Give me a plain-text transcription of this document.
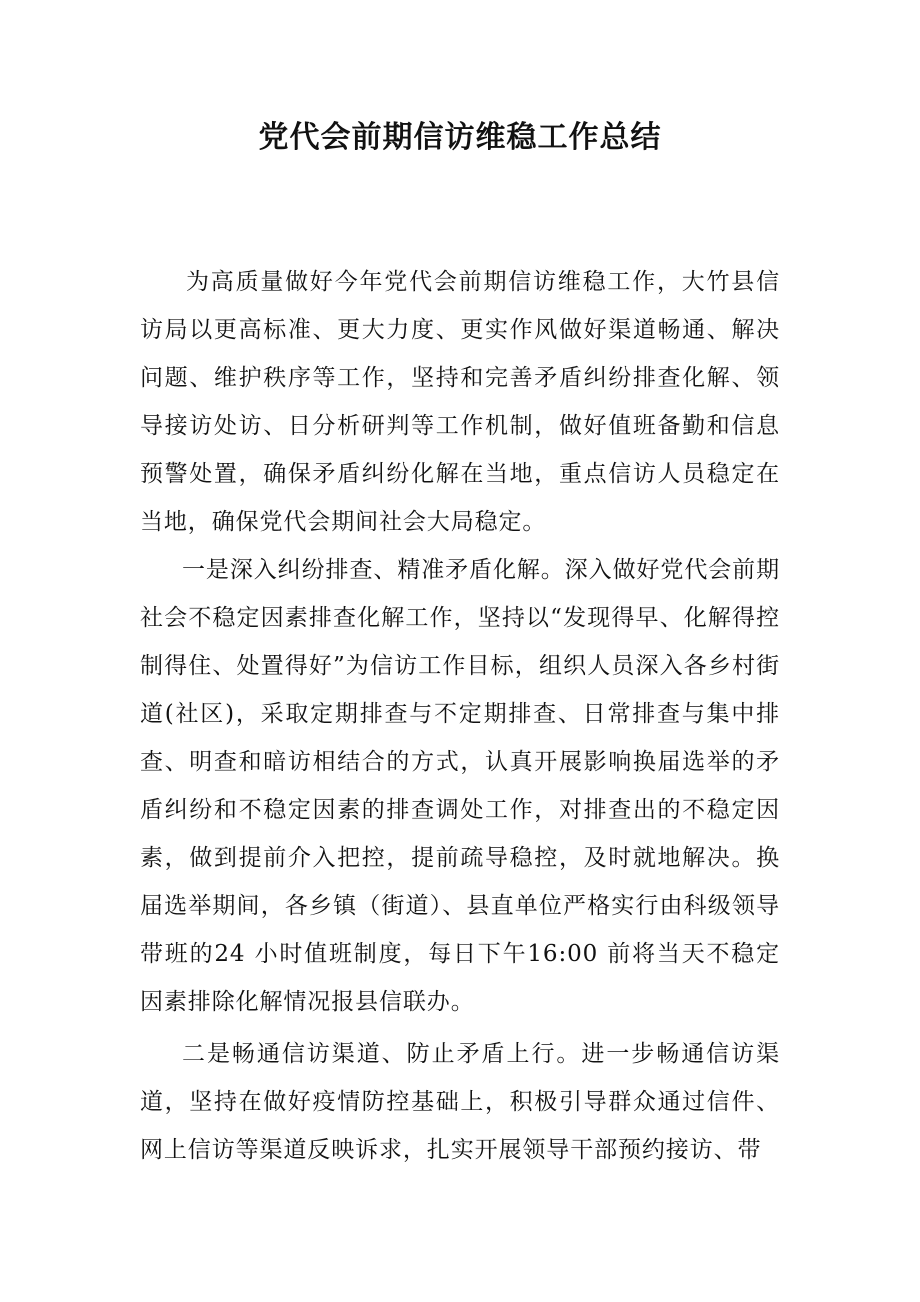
党代会前期信访维稳工作总结

为高质量做好今年党代会前期信访维稳工作，大竹县信访局以更高标准、更大力度、更实作风做好渠道畅通、解决问题、维护秩序等工作，坚持和完善矛盾纠纷排查化解、领导接访处访、日分析研判等工作机制，做好值班备勤和信息预警处置，确保矛盾纠纷化解在当地，重点信访人员稳定在当地，确保党代会期间社会大局稳定。

一是深入纠纷排查、精准矛盾化解。深入做好党代会前期社会不稳定因素排查化解工作，坚持以“发现得早、化解得控制得住、处置得好”为信访工作目标，组织人员深入各乡村街道(社区)，采取定期排查与不定期排查、日常排查与集中排查、明查和暗访相结合的方式，认真开展影响换届选举的矛盾纠纷和不稳定因素的排查调处工作，对排查出的不稳定因素，做到提前介入把控，提前疏导稳控，及时就地解决。换届选举期间，各乡镇（街道）、县直单位严格实行由科级领导带班的24 小时值班制度，每日下午16:00 前将当天不稳定因素排除化解情况报县信联办。

二是畅通信访渠道、防止矛盾上行。进一步畅通信访渠道，坚持在做好疫情防控基础上，积极引导群众通过信件、网上信访等渠道反映诉求，扎实开展领导干部预约接访、带
